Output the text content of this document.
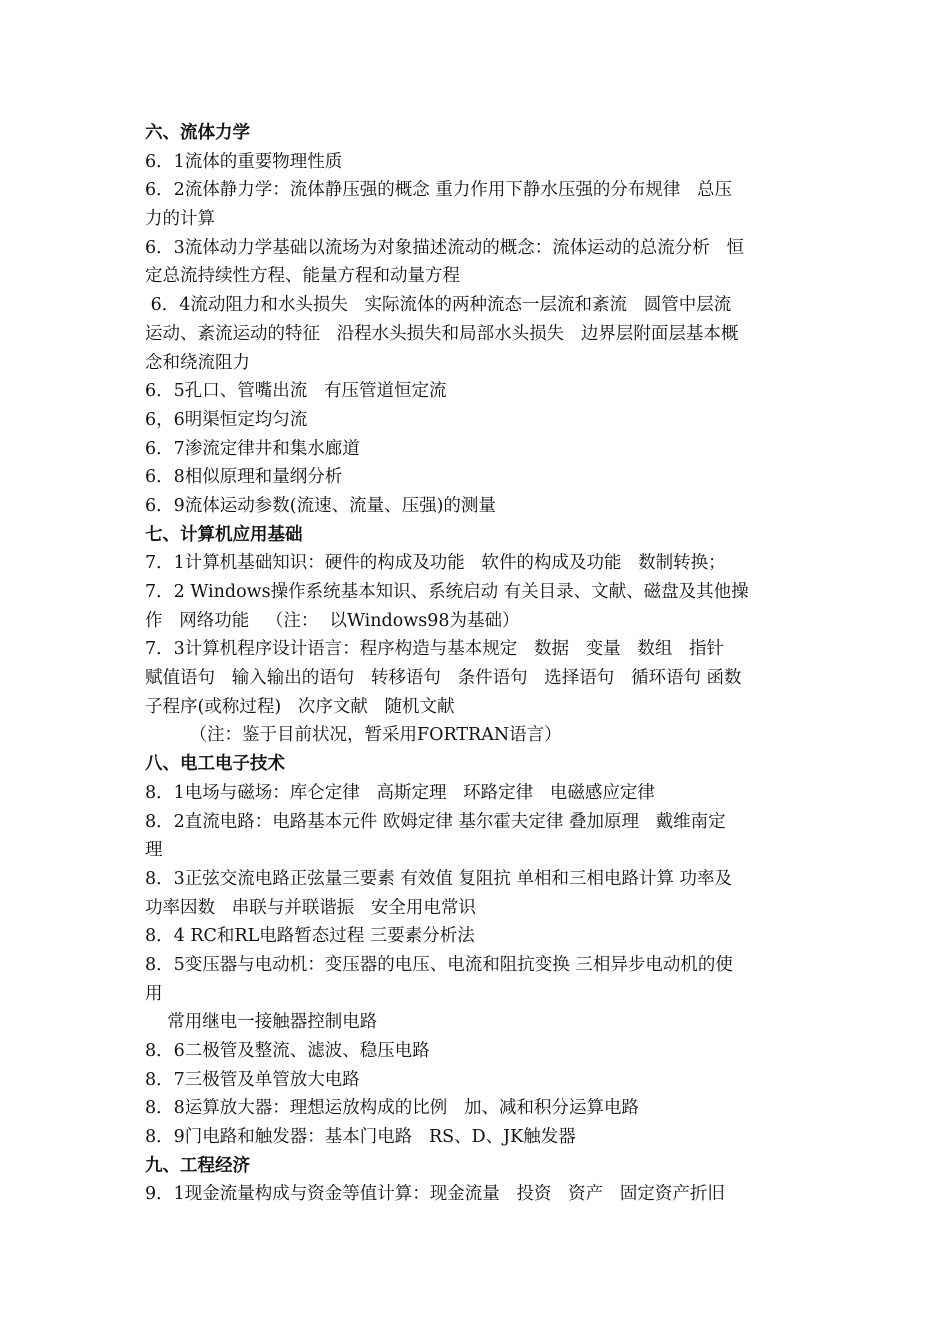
六、流体力学
6．1流体的重要物理性质
6．2流体静力学：流体静压强的概念 重力作用下静水压强的分布规律   总压
力的计算
6．3流体动力学基础以流场为对象描述流动的概念：流体运动的总流分析   恒
定总流持续性方程、能量方程和动量方程
6．4流动阻力和水头损失   实际流体的两种流态一层流和紊流   圆管中层流
运动、紊流运动的特征   沿程水头损失和局部水头损失   边界层附面层基本概
念和绕流阻力
6．5孔口、管嘴出流   有压管道恒定流
6，6明渠恒定均匀流
6．7渗流定律井和集水廊道
6．8相似原理和量纲分析
6．9流体运动参数(流速、流量、压强)的测量
七、计算机应用基础
7．1计算机基础知识：硬件的构成及功能   软件的构成及功能   数制转换；
7．2 Windows操作系统基本知识、系统启动 有关目录、文献、磁盘及其他操
作   网络功能   （注：  以Windows98为基础）
7．3计算机程序设计语言：程序构造与基本规定   数据   变量   数组   指针
赋值语句   输入输出的语句   转移语句   条件语句   选择语句   循环语句 函数
子程序(或称过程)   次序文献   随机文献
（注：鉴于目前状况，暂采用FORTRAN语言）
八、电工电子技术
8．1电场与磁场：库仑定律   高斯定理   环路定律   电磁感应定律
8．2直流电路：电路基本元件 欧姆定律 基尔霍夫定律 叠加原理   戴维南定
理
8．3正弦交流电路正弦量三要素 有效值 复阻抗 单相和三相电路计算 功率及
功率因数   串联与并联谐振   安全用电常识
8．4 RC和RL电路暂态过程 三要素分析法
8．5变压器与电动机：变压器的电压、电流和阻抗变换 三相异步电动机的使
用
常用继电一接触器控制电路
8．6二极管及整流、滤波、稳压电路
8．7三极管及单管放大电路
8．8运算放大器：理想运放构成的比例   加、减和积分运算电路
8．9门电路和触发器：基本门电路   RS、D、JK触发器
九、工程经济
9．1现金流量构成与资金等值计算：现金流量   投资   资产   固定资产折旧
